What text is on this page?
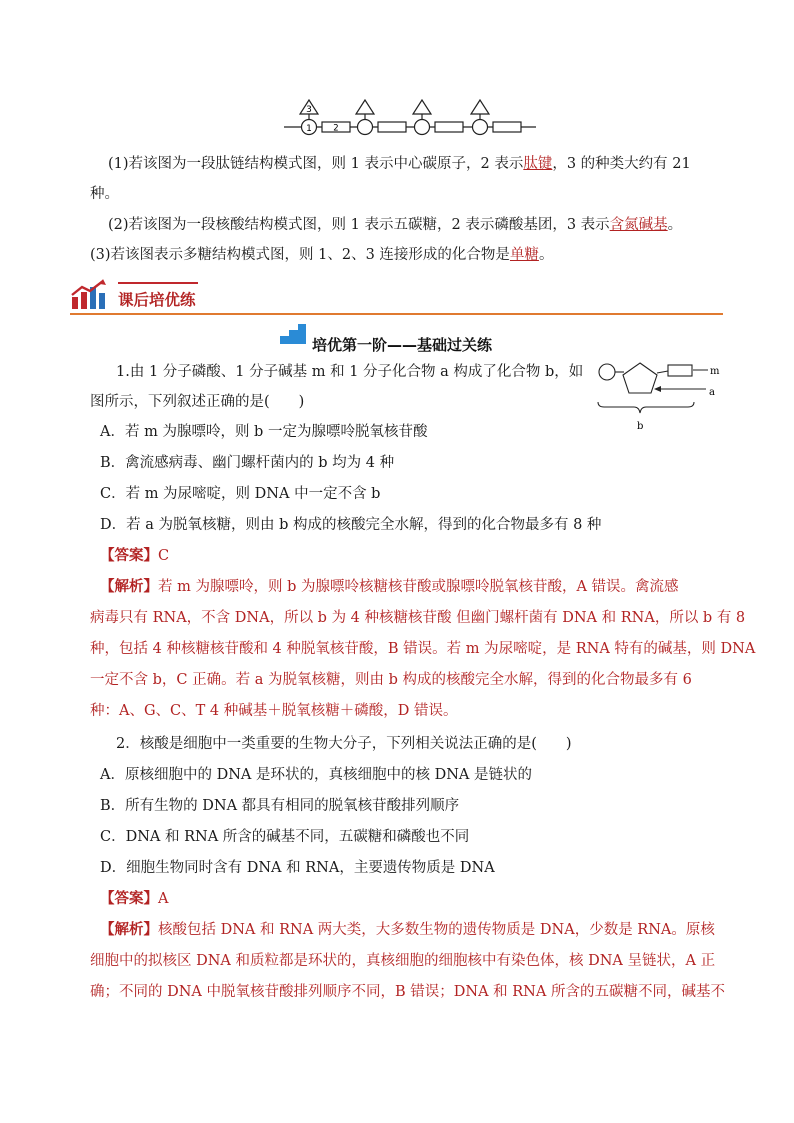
3
1	2
(1)若该图为一段肽链结构模式图，则 1 表示中心碳原子，2 表示肽键，3 的种类大约有 21
种。
(2)若该图为一段核酸结构模式图，则 1 表示五碳糖，2 表示磷酸基团，3 表示含氮碱基。
(3)若该图表示多糖结构模式图，则 1、2、3 连接形成的化合物是单糖。
课后培优练
培优第一阶——基础过关练
1.由 1 分子磷酸、1 分子碱基 m 和 1 分子化合物 a 构成了化合物 b，如
图所示，下列叙述正确的是(　　)
m
a
b
A．若 m 为腺嘌呤，则 b 一定为腺嘌呤脱氧核苷酸
B．禽流感病毒、幽门螺杆菌内的 b 均为 4 种
C．若 m 为尿嘧啶，则 DNA 中一定不含 b
D．若 a 为脱氧核糖，则由 b 构成的核酸完全水解，得到的化合物最多有 8 种
【答案】C
【解析】若 m 为腺嘌呤，则 b 为腺嘌呤核糖核苷酸或腺嘌呤脱氧核苷酸，A 错误。禽流感
病毒只有 RNA，不含 DNA，所以 b 为 4 种核糖核苷酸 但幽门螺杆菌有 DNA 和 RNA，所以 b 有 8
种，包括 4 种核糖核苷酸和 4 种脱氧核苷酸，B 错误。若 m 为尿嘧啶，是 RNA 特有的碱基，则 DNA
一定不含 b，C 正确。若 a 为脱氧核糖，则由 b 构成的核酸完全水解，得到的化合物最多有 6
种：A、G、C、T 4 种碱基＋脱氧核糖＋磷酸，D 错误。
2．核酸是细胞中一类重要的生物大分子，下列相关说法正确的是(　　)
A．原核细胞中的 DNA 是环状的，真核细胞中的核 DNA 是链状的
B．所有生物的 DNA 都具有相同的脱氧核苷酸排列顺序
C．DNA 和 RNA 所含的碱基不同，五碳糖和磷酸也不同
D．细胞生物同时含有 DNA 和 RNA，主要遗传物质是 DNA
【答案】A
【解析】核酸包括 DNA 和 RNA 两大类，大多数生物的遗传物质是 DNA，少数是 RNA。原核
细胞中的拟核区 DNA 和质粒都是环状的，真核细胞的细胞核中有染色体，核 DNA 呈链状，A 正
确；不同的 DNA 中脱氧核苷酸排列顺序不同，B 错误；DNA 和 RNA 所含的五碳糖不同，碱基不
